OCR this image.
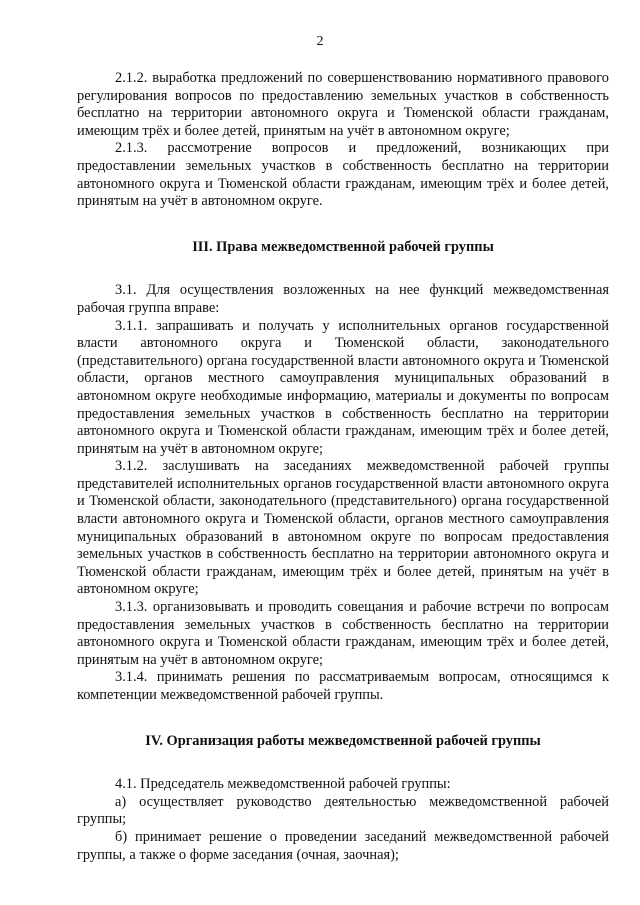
2

2.1.2. выработка предложений по совершенствованию нормативного правового регулирования вопросов по предоставлению земельных участков в собственность бесплатно на территории автономного округа и Тюменской области гражданам, имеющим трёх и более детей, принятым на учёт в автономном округе;

2.1.3. рассмотрение вопросов и предложений, возникающих при предоставлении земельных участков в собственность бесплатно на территории автономного округа и Тюменской области гражданам, имеющим трёх и более детей, принятым на учёт в автономном округе.

III. Права межведомственной рабочей группы

3.1. Для осуществления возложенных на нее функций межведомственная рабочая группа вправе:

3.1.1. запрашивать и получать у исполнительных органов государственной власти автономного округа и Тюменской области, законодательного (представительного) органа государственной власти автономного округа и Тюменской области, органов местного самоуправления муниципальных образований в автономном округе необходимые информацию, материалы и документы по вопросам предоставления земельных участков в собственность бесплатно на территории автономного округа и Тюменской области гражданам, имеющим трёх и более детей, принятым на учёт в автономном округе;

3.1.2. заслушивать на заседаниях межведомственной рабочей группы представителей исполнительных органов государственной власти автономного округа и Тюменской области, законодательного (представительного) органа государственной власти автономного округа и Тюменской области, органов местного самоуправления муниципальных образований в автономном округе по вопросам предоставления земельных участков в собственность бесплатно на территории автономного округа и Тюменской области гражданам, имеющим трёх и более детей, принятым на учёт в автономном округе;

3.1.3. организовывать и проводить совещания и рабочие встречи по вопросам предоставления земельных участков в собственность бесплатно на территории автономного округа и Тюменской области гражданам, имеющим трёх и более детей, принятым на учёт в автономном округе;

3.1.4. принимать решения по рассматриваемым вопросам, относящимся к компетенции межведомственной рабочей группы.

IV. Организация работы межведомственной рабочей группы

4.1. Председатель межведомственной рабочей группы:

а) осуществляет руководство деятельностью межведомственной рабочей группы;

б) принимает решение о проведении заседаний межведомственной рабочей группы, а также о форме заседания (очная, заочная);
